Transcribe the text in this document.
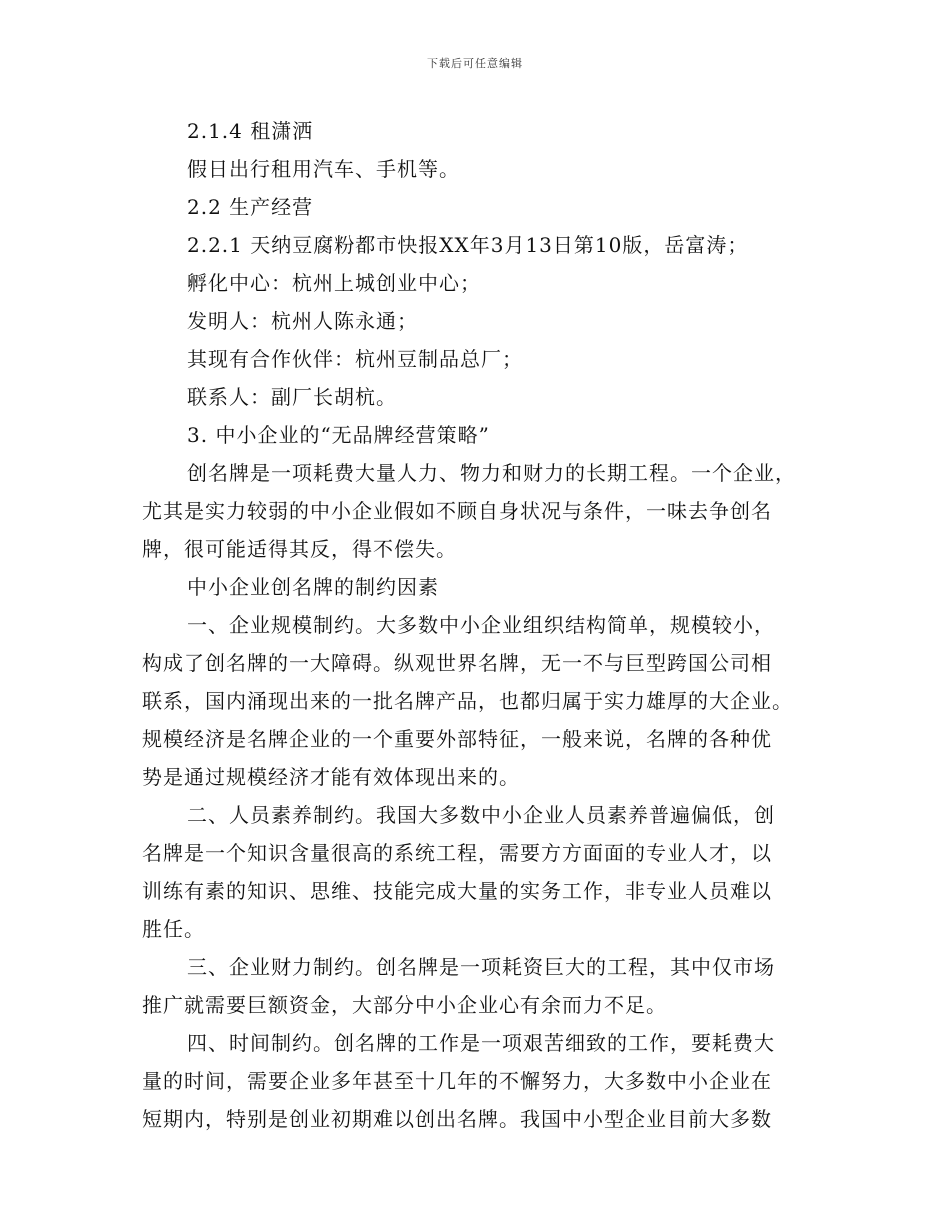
下载后可任意编辑
2.1.4 租潇洒
假日出行租用汽车、手机等。
2.2 生产经营
2.2.1 天纳豆腐粉都市快报XX年3月13日第10版，岳富涛；
孵化中心：杭州上城创业中心；
发明人：杭州人陈永通；
其现有合作伙伴：杭州豆制品总厂；
联系人：副厂长胡杭。
3. 中小企业的“无品牌经营策略”
创名牌是一项耗费大量人力、物力和财力的长期工程。一个企业，
尤其是实力较弱的中小企业假如不顾自身状况与条件，一味去争创名
牌，很可能适得其反，得不偿失。
中小企业创名牌的制约因素
一、企业规模制约。大多数中小企业组织结构简单，规模较小，
构成了创名牌的一大障碍。纵观世界名牌，无一不与巨型跨国公司相
联系，国内涌现出来的一批名牌产品，也都归属于实力雄厚的大企业。
规模经济是名牌企业的一个重要外部特征，一般来说，名牌的各种优
势是通过规模经济才能有效体现出来的。
二、人员素养制约。我国大多数中小企业人员素养普遍偏低，创
名牌是一个知识含量很高的系统工程，需要方方面面的专业人才，以
训练有素的知识、思维、技能完成大量的实务工作，非专业人员难以
胜任。
三、企业财力制约。创名牌是一项耗资巨大的工程，其中仅市场
推广就需要巨额资金，大部分中小企业心有余而力不足。
四、时间制约。创名牌的工作是一项艰苦细致的工作，要耗费大
量的时间，需要企业多年甚至十几年的不懈努力，大多数中小企业在
短期内，特别是创业初期难以创出名牌。我国中小型企业目前大多数
